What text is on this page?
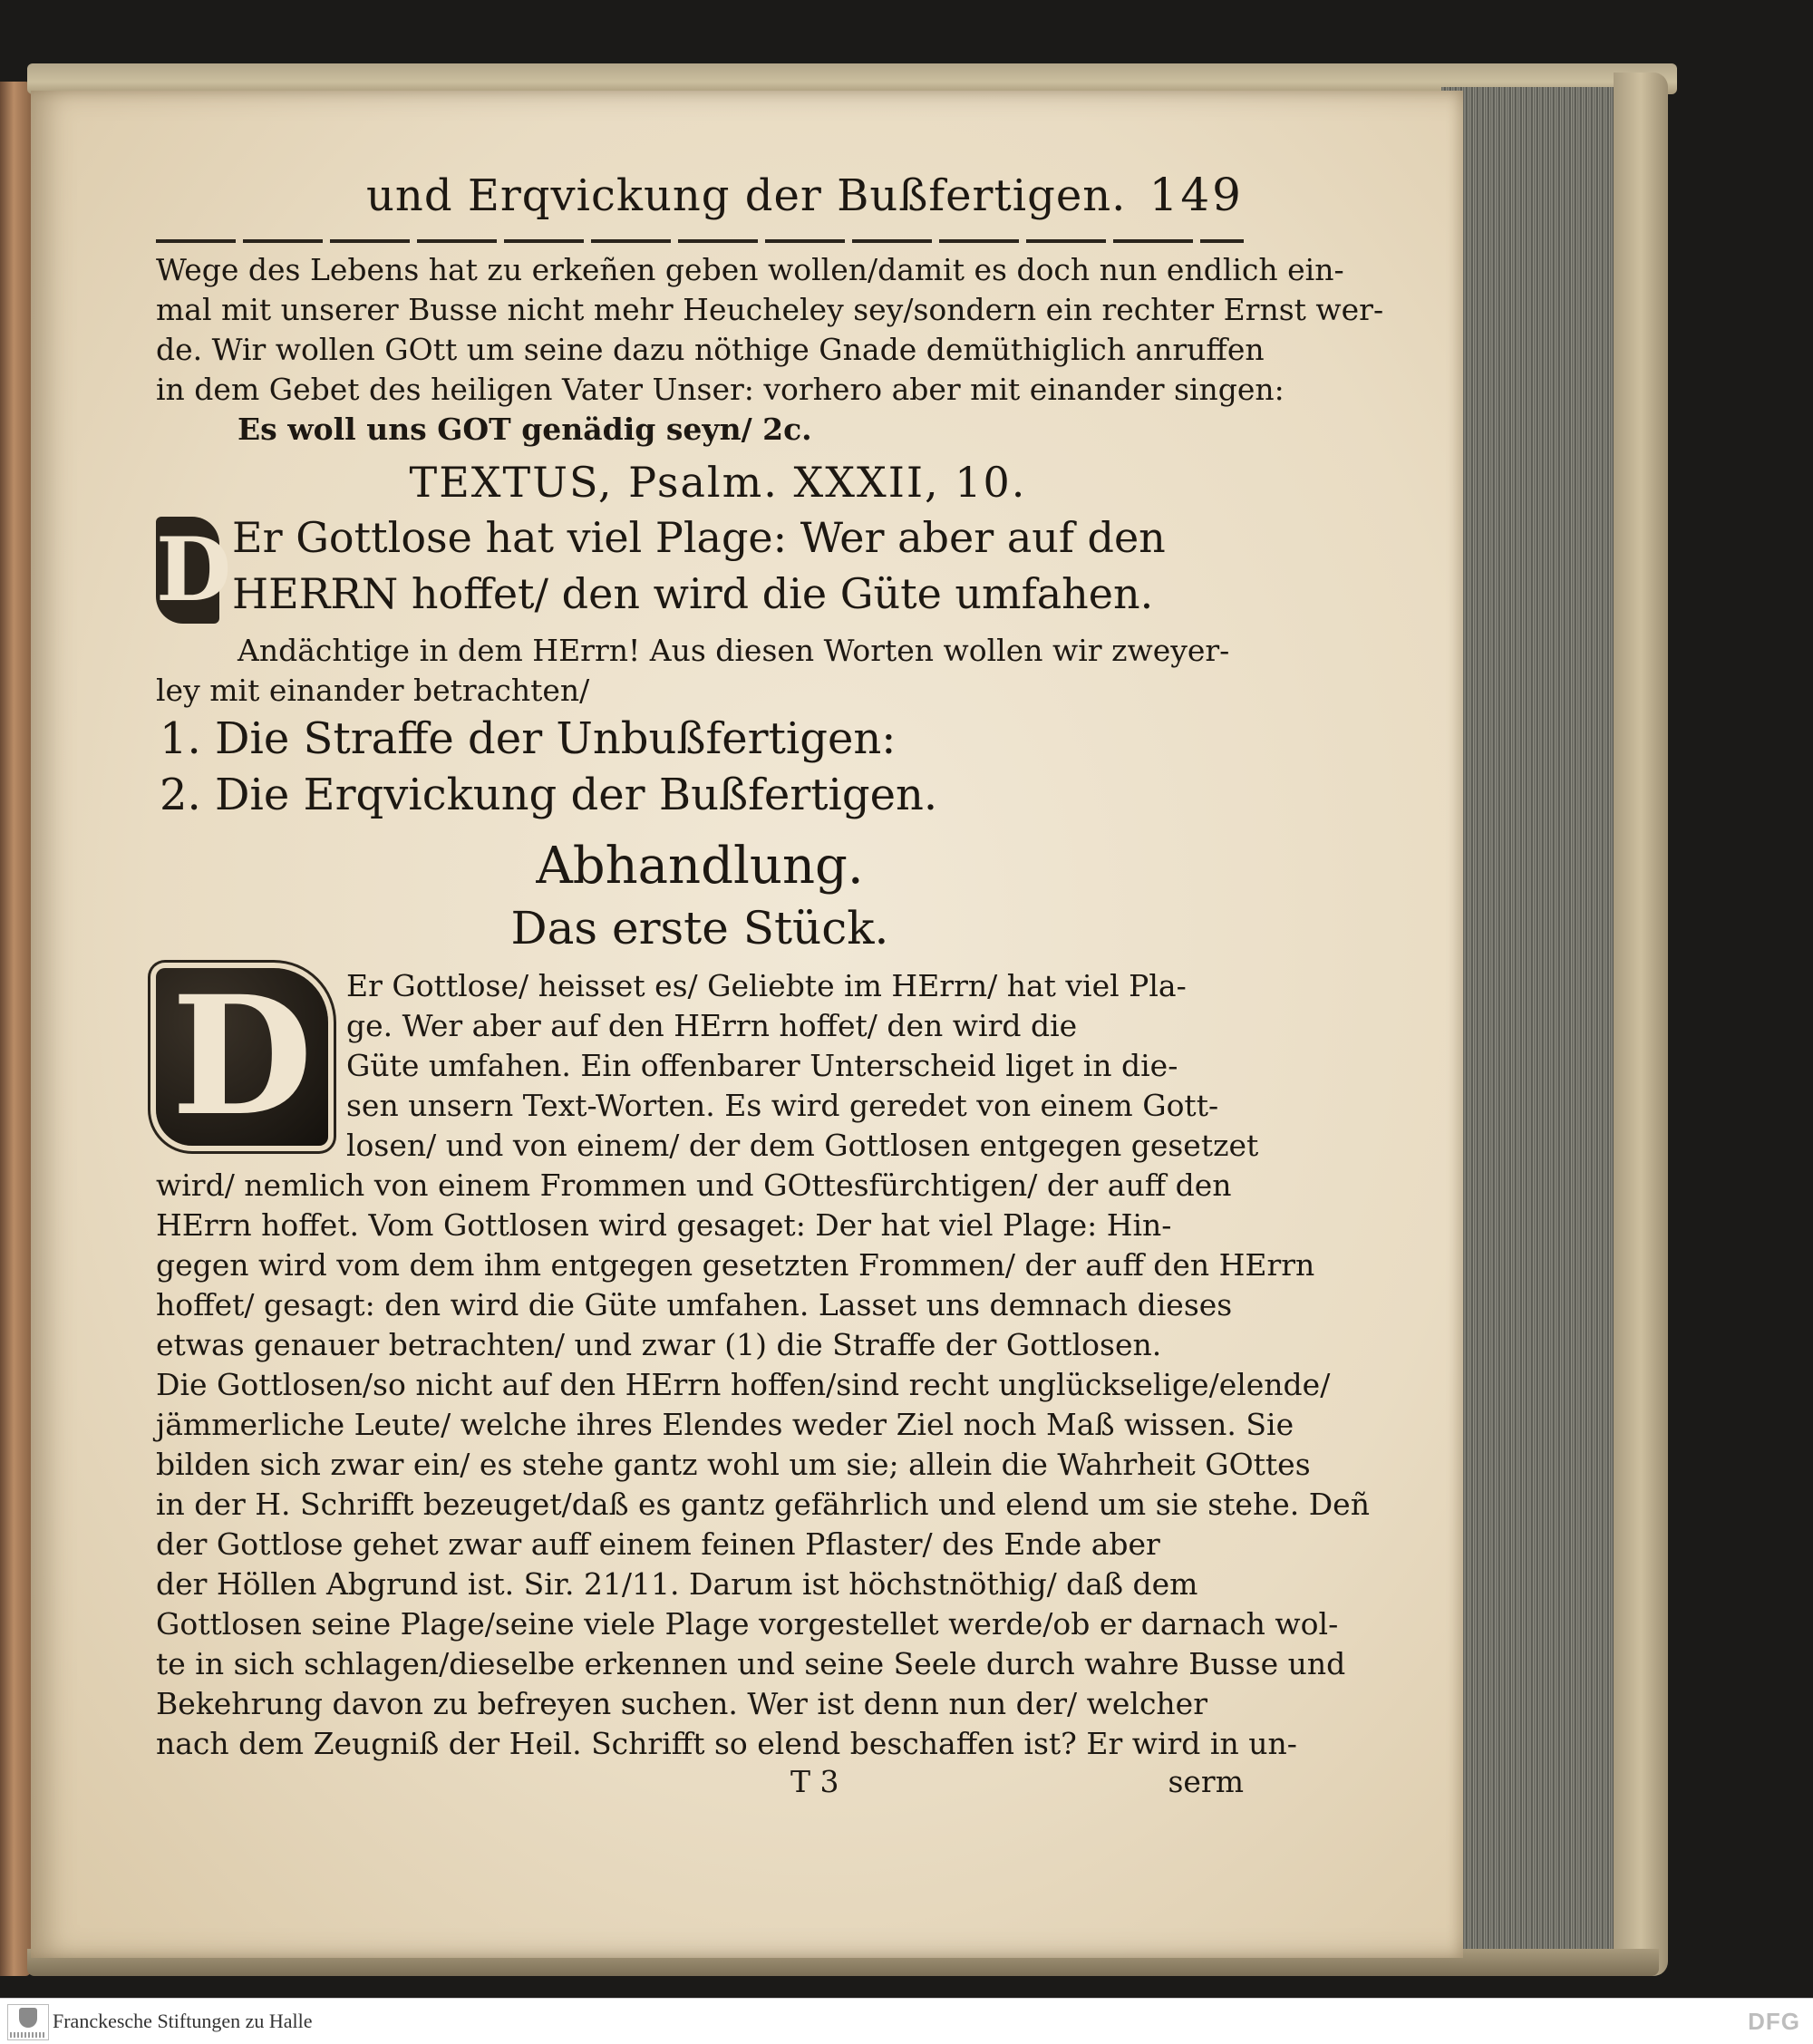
und Erqvickung der Bußfertigen. 149

Wege des Lebens hat zu erkeñen geben wollen/damit es doch nun endlich ein-

mal mit unserer Busse nicht mehr Heucheley sey/sondern ein rechter Ernst wer-

de. Wir wollen GOtt um seine dazu nöthige Gnade demüthiglich anruffen

in dem Gebet des heiligen Vater Unser: vorhero aber mit einander singen:

Es woll uns GOT genädig seyn/ 2c.

TEXTUS, Psalm. XXXII, 10.
D Er Gottlose hat viel Plage: Wer aber auf den
HERRN hoffet/ den wird die Güte umfahen.

Andächtige in dem HErrn! Aus diesen Worten wollen wir zweyer-

ley mit einander betrachten/

1. Die Straffe der Unbußfertigen:
2. Die Erqvickung der Bußfertigen.
Abhandlung.
Das erste Stück.
D	Er Gottlose/ heisset es/ Geliebte im HErrn/ hat viel Pla-

ge. Wer aber auf den HErrn hoffet/ den wird die

Güte umfahen. Ein offenbarer Unterscheid liget in die-

sen unsern Text-Worten. Es wird geredet von einem Gott-

losen/ und von einem/ der dem Gottlosen entgegen gesetzet

wird/ nemlich von einem Frommen und GOttesfürchtigen/ der auff den

HErrn hoffet. Vom Gottlosen wird gesaget: Der hat viel Plage: Hin-

gegen wird vom dem ihm entgegen gesetzten Frommen/ der auff den HErrn

hoffet/ gesagt: den wird die Güte umfahen. Lasset uns demnach dieses

etwas genauer betrachten/ und zwar (1) die Straffe der Gottlosen.

Die Gottlosen/so nicht auf den HErrn hoffen/sind recht unglückselige/elende/

jämmerliche Leute/ welche ihres Elendes weder Ziel noch Maß wissen. Sie

bilden sich zwar ein/ es stehe gantz wohl um sie; allein die Wahrheit GOttes

in der H. Schrifft bezeuget/daß es gantz gefährlich und elend um sie stehe. Deñ

der Gottlose gehet zwar auff einem feinen Pflaster/ des Ende aber

der Höllen Abgrund ist. Sir. 21/11. Darum ist höchstnöthig/ daß dem

Gottlosen seine Plage/seine viele Plage vorgestellet werde/ob er darnach wol-

te in sich schlagen/dieselbe erkennen und seine Seele durch wahre Busse und

Bekehrung davon zu befreyen suchen. Wer ist denn nun der/ welcher

nach dem Zeugniß der Heil. Schrifft so elend beschaffen ist? Er wird in un-

T 3	serm
Franckesche Stiftungen zu Halle	DFG
